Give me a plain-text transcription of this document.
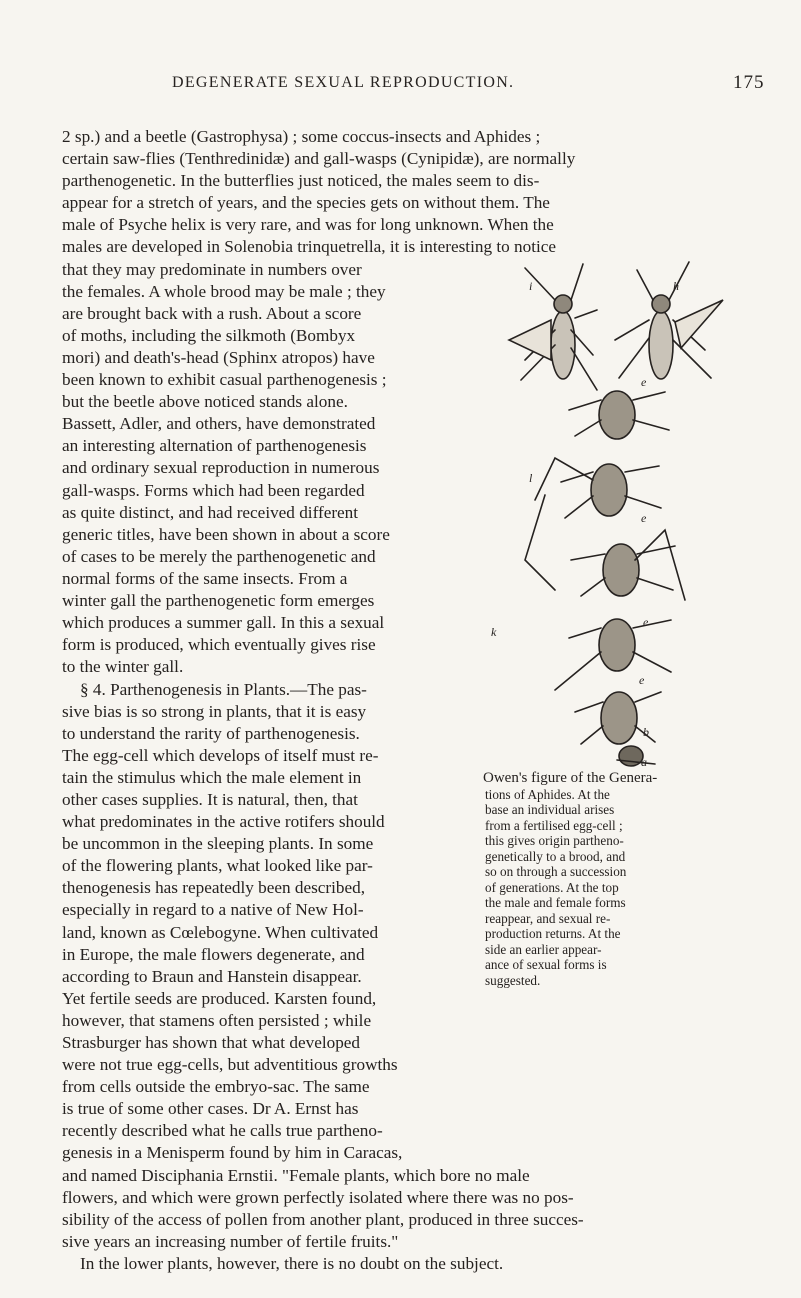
DEGENERATE SEXUAL REPRODUCTION.	175

2 sp.) and a beetle (Gastrophysa) ; some coccus-insects and Aphides ;
certain saw-flies (Tenthredinidæ) and gall-wasps (Cynipidæ), are normally
parthenogenetic. In the butterflies just noticed, the males seem to dis-
appear for a stretch of years, and the species gets on without them. The
male of Psyche helix is very rare, and was for long unknown. When the
males are developed in Solenobia trinquetrella, it is interesting to notice

that they may predominate in numbers over
the females. A whole brood may be male ; they
are brought back with a rush. About a score
of moths, including the silkmoth (Bombyx
mori) and death's-head (Sphinx atropos) have
been known to exhibit casual parthenogenesis ;
but the beetle above noticed stands alone.
Bassett, Adler, and others, have demonstrated
an interesting alternation of parthenogenesis
and ordinary sexual reproduction in numerous
gall-wasps. Forms which had been regarded
as quite distinct, and had received different
generic titles, have been shown in about a score
of cases to be merely the parthenogenetic and
normal forms of the same insects. From a
winter gall the parthenogenetic form emerges
which produces a summer gall. In this a sexual
form is produced, which eventually gives rise
to the winter gall.

§ 4. Parthenogenesis in Plants.—The pas-
sive bias is so strong in plants, that it is easy
to understand the rarity of parthenogenesis.
The egg-cell which develops of itself must re-
tain the stimulus which the male element in
other cases supplies. It is natural, then, that
what predominates in the active rotifers should
be uncommon in the sleeping plants. In some
of the flowering plants, what looked like par-
thenogenesis has repeatedly been described,
especially in regard to a native of New Hol-
land, known as Cœlebogyne. When cultivated
in Europe, the male flowers degenerate, and
according to Braun and Hanstein disappear.
Yet fertile seeds are produced. Karsten found,
however, that stamens often persisted ; while
Strasburger has shown that what developed
were not true egg-cells, but adventitious growths
from cells outside the embryo-sac. The same
is true of some other cases. Dr A. Ernst has
recently described what he calls true partheno-
genesis in a Menisperm found by him in Caracas,

and named Disciphania Ernstii. "Female plants, which bore no male
flowers, and which were grown perfectly isolated where there was no pos-
sibility of the access of pollen from another plant, produced in three succes-
sive years an increasing number of fertile fruits."

In the lower plants, however, there is no doubt on the subject.

i	h
e
l
e
k
e
e
b
a
Owen's figure of the Genera-
tions of Aphides. At the
base an individual arises
from a fertilised egg-cell ;
this gives origin partheno-
genetically to a brood, and
so on through a succession
of generations. At the top
the male and female forms
reappear, and sexual re-
production returns. At the
side an earlier appear-
ance of sexual forms is
suggested.
